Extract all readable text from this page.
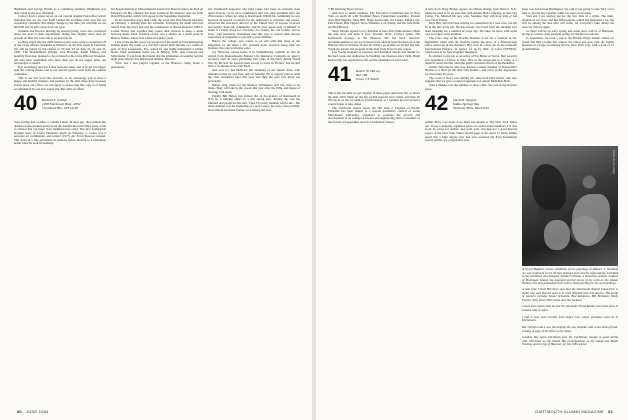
Highmark and George Harms as a committee member. Highmark was duly voted as the new chairman.

Contact from a status report on our current Alumni Fund effort which indicated that we are over $100 behind the excellent prior year but are reasonably optimistic that things change by the time you read this we are $60,000 and 34 gifts away from our goal.

Tomkins and Horace, heading up special giving, were also concerned about the goal in their department, noting that slightly more than 10 percent on their list were still to be heard from.

Golding stated that the 1980 reunion plans were ready to be kicked off at the Class officers Weekend in Hanover on the first week in February. We will be joined by the classes of '39 and '42 on June 21, 22 and 23, 1985. The Malchelmans (Hyde), Jack Howarth, Ralph Milkey, and possibly Davidson planned to be on hand for the Class Officers Weekend. All who have assembled, who have their eye on the bigger prize, are encouraged to attend.

Ray Greenberg and has a fine personal sense and is to get his bigger spin the coming weeks, and as our special reports came from the reunion committee.

This is our last word into October, so we encourage you to have a happy and healthy summer, and perhaps by the time these have foreseen events leave our office, we can apply to assure that this copy is of being accomplished by one new Apple life. But what an effort!

40 Richard S. Golden
1958 Fairmount Blvd., #302
Cleveland Hts., OH 44118

Your writing hall wanders a column a short 30 days ago, the postman has delivered unwelcomed letters from the Alumni Records Office (how come to advise) that yet more class members have died. The first notification brought news of Lester Hermon's death on February 1. Lester was a personal air commander, and retired (1977) Air Force Reserve colonel. 'Hal' lived in a fine retirement in Arizona before moving to a retirement home when he took ill suddenly.

her hospitalization at Massachusetts General in Boston (where he died on February 20. His obituary has been written in his memory and one from David Fitzgerald, which will appear in the September magazine.

In the following day's mail came the word that Otis Moody had died on February 1. Details were not available. Following the death who had retired from the Navy and was the commander of Rhode Island in 1969 to Corner Books and together they found their choices to keep a smile between them. Their vacation retreat was a shelter on a small pond in Bristol, Maine, where Otis walked for many years.

Later in the month, news was received of the death of Fritz Reinagel in sudden death, the result of a fall that caused skull injuries at a round of golf, in Fort Lauderdale, Fla., where he and fiddle maintained a winter home. Their permanent home was in Bangor, N.H., near Concord and Manchester. It was from that bound that the gentlemen accounting and the eight years that he was Dartmouth Athletic Director.

'Fritz' and I had played together at the Hanover camp, about a generation.

tive Dartmouth supporter and fund raiser, had been an assistant class agent 'forever,' as he once commented, and was class president after our 25th reunion, where he came to Dartmouth. Within his community he was honored on several occasions for his dedication to activities and causes. Observed the executive director of the United Way of Greater Concord and deeply about his community, and he gave generously of himself to make it a better place for everyone.' To Louise, his son Cosmo, and to Isaac, your husbands' classmates take this way to convey their sincere expression of sympathy to you and to your families.

Before the college year comes to an end with this issue of the Magazine, let me share a few personal notes received along with our planned class and paymaster order.

Joe Hatwood, whose home is in Williamsburg, reminds us that he retired from Massachusetts Mutual Life Insurance Company as agency secretary after 42 years (including four years in the Navy during World War II). He had 'no special plans except to retire in Florida,' and he still lives a 10-minute drive with Ellen.

And now for Ted Hubbard, the chairman of our annual drive, who announced that he was fine, and all friendly. He is eagerly plan to send the class newsletter later this year, and then the next was given out personally.

Before long, plans for the Monroe Williamson golf trip were to be made. They will take to the woods this year after the 1984, and hopes of meeting with many.

Finally, Bill Halsey has written that of the matters of Dartmouth in N.Y. he is helping others to a still strong area. Among the area the Marines and people he has met. 'Then I'll come,' hemnne told to me... His latest summer was the beginning of a new 'career,' he wrote. Stewart Bahr, Dave Marsh and Peter Parker were among the best.

80 JUNE 1984

'CBS Morning News' shows.

And now to duller business. The Executive Committee met in New York on April 20 with President Bruce Fenkelstein presiding. Present were Bud Higgins, Dick Hill, Hugh Kenworthy, Ed Lanier, Mitch Lohr, Pete Pinard, Bob Tippett, Steve Windeler, Lou Young, and his wife Ruth, and Bob Harvey.

Steve Wissler agreed to be chairman of next fall's mini-reunion. Mark the date now and keep it free: October 19-21, Friday's game. The Dartmouth Lounge at the Hanover Inn has been reserved. Accommodations at our local motels have already been blocked out at the Hanover Inn on October 19 and 20. What a good time we all had last fall. You'll get details and program in the mail from Steve in due course.

Lou Young resigned as treasurer and instituted checks and thanks for his hard work and dedication in handling our finances since 1966. Hugh Kenworthy was appointed to fill out the remainder of Lou's term.

41 Robert W. Harvey
Box 188
Essex, CT 06426

This is the last time we get together in these pages until next fall, so here's the dish. We'll finish up the last of this season's news items, and then I'll fill you in on the '41 reunion. Unfortunately, as I rounded up our last news events began to take shape.

The California papers report the Jim Sum J. Tilgman of Pacific Palisades has been named to a special president's council of Loma Marymount University, organized to promote the growth and development of its college of science and engineering. Jim is a member of the faculty of Pepperdine and UCLA Medical School.

A note from Doug Bridge reports an address change from Denver, N.Y., where he used to be an associate with Albany Bell Company, to San City Center, Fla. Married his new wife, Suzanne, they still have tons of fun over Good Friday.

Dick Hill, who has been retiring for somewhere in a year now, can list fit in the fall of his life. He has already recovered from the shoulder he's been mending for a number of years ago. He takes on more with some care and vigor at the Institute.

The Cairo Stay of the Dowdle Brothers is set for a 'reunion' in '61. Remember when with the friendly names the news of a Pennsylvania office ended up in the Institute? He's now in a new job in the nonprofit International Finance, an agency set up by ODC of Cairo (NYNEX), which used to be New England Telephone.

In addition to his job as an editor of For Better or Worse, Bert recently was appointed a Fellow at Yale. He's in the newsroom as a writer at a medical center and has often the public relations efforts of the Berkshire.

Arthur Shor-mover who was dressed a senior member at Pepperdine? Brother to a third (or the only one) brother—and a few of the chaperones for more than 20 years.

The cover of Roy's new editing job came from Dick Kuntz, who also suggests that we give a round of applause to Lamont Mohrman-Hole.

Take a minute over the summer to drop a line. See you in the October issue.

42 David R. Sargent
Indian Springs Way
Wellesley Hills, MA 02181

Arthur Mary Cox made it up there last month to The New York Times Art. It was a seriously organized piece on controversial members. For that work he wrote for Arthur, and went well, and had not a good-hearted aspect of the New York Times Op-Ed page of the April 15 issue. Arthur noted that a high degree who had ever received the Ford Foundation award. Arthur, we congratulate you.

Page was down from Burlington. We said it was going to take 'Old' a few tries to 'get the hay together' while we were on vacation.

Stan and I are staying put for the first time in a while. The mini-reunion of our class, and the 1984 reunion, which has happened a lot. We will be among the '42s who will come, for everyone's sake. Many the ones we will see again.

So there will be an early spring and some news will be at Bermuda, giving us a most of the pleasant spring air and the cool shores.

In September, we took a trip to the British Virgin Islands where we found that Bill Cromie has retired, his oldest son now runs the family business in a large accounting firm in New York City, with a total of 15 grandchildren.

Photo by G. Hong
A recent Hopkins Center exhibition of the paintings of Wallace L. Wooding '42 was testament to his vibrant abstract and colorful explorations. Included in the exhibition was Douglas' Smoker's Dream, a long-time summer resident of Monhegan Island, has mounted several shows of his work on the island. Wallace has also painted pictures with a strong feeling for his surroundings.

A note from Chuck Hershner says that the Dartmouth Alumni Fund drive is under way and that the goal is to raise $36,000 with 450 donors. His group of workers includes Stuart Schwartz, Bud Robinson, Bill Brubaker, Wally Fowler, Toby Dunn, Bill Chase and Jim Jackson.

Chuck also reports that he and his classmate Frank Mullen who have been in contact with us often.

I had a news note recently from Dawn Cox, whose grandson went on to Dartmouth.

Ray Carlson had a new job helping the new hospital with a new kind of fund-raising. A copy of his letter to the editor.

Gardner Ray spent Christmas near the Caribbean, though in good spirits with Christmas on the island. His contemplation on the island that Ralph Feeling, and the joy of Hanover, for the 1984 winter.

DARTMOUTH ALUMNI MAGAZINE 81
